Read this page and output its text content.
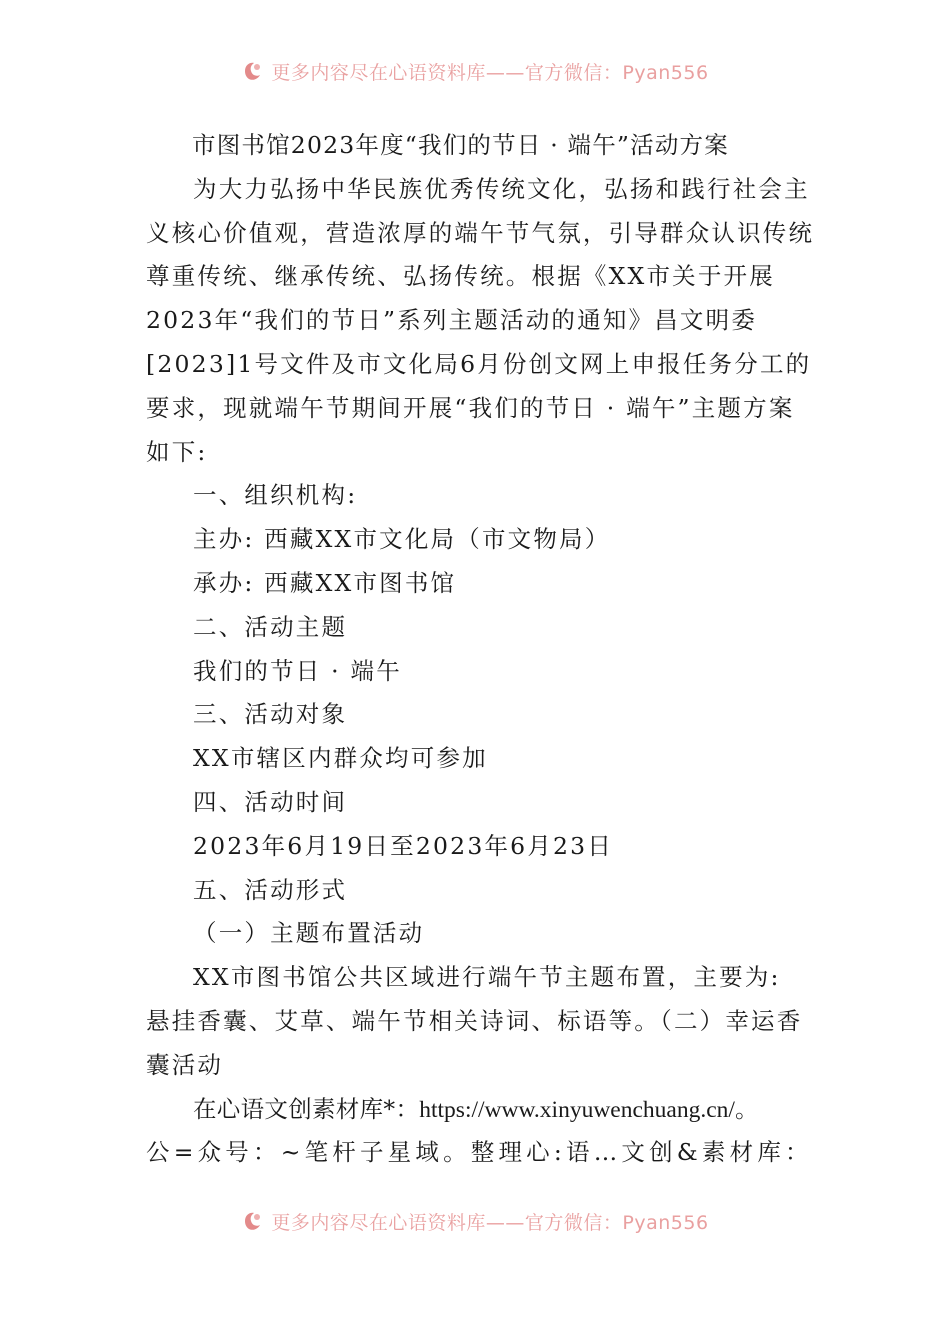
更多内容尽在心语资料库——官方微信：Pyan556
市图书馆2023年度“我们的节日 · 端午”活动方案
为大力弘扬中华民族优秀传统文化，弘扬和践行社会主
义核心价值观，营造浓厚的端午节气氛，引导群众认识传统
尊重传统、继承传统、弘扬传统。根据《XX市关于开展
2023年“我们的节日”系列主题活动的通知》昌文明委
[2023]1号文件及市文化局6月份创文网上申报任务分工的
要求，现就端午节期间开展“我们的节日 · 端午”主题方案
如下:
一、组织机构:
主办: 西藏XX市文化局（市文物局）
承办: 西藏XX市图书馆
二、活动主题
我们的节日 · 端午
三、活动对象
XX市辖区内群众均可参加
四、活动时间
2023年6月19日至2023年6月23日
五、活动形式
（一）主题布置活动
XX市图书馆公共区域进行端午节主题布置，主要为:
悬挂香囊、艾草、端午节相关诗词、标语等。（二）幸运香
囊活动
在心语文创素材库*：https://www.xinyuwenchuang.cn/。
公=众号：~笔杆子星域。整理心:语…文创&素材库：
更多内容尽在心语资料库——官方微信：Pyan556
